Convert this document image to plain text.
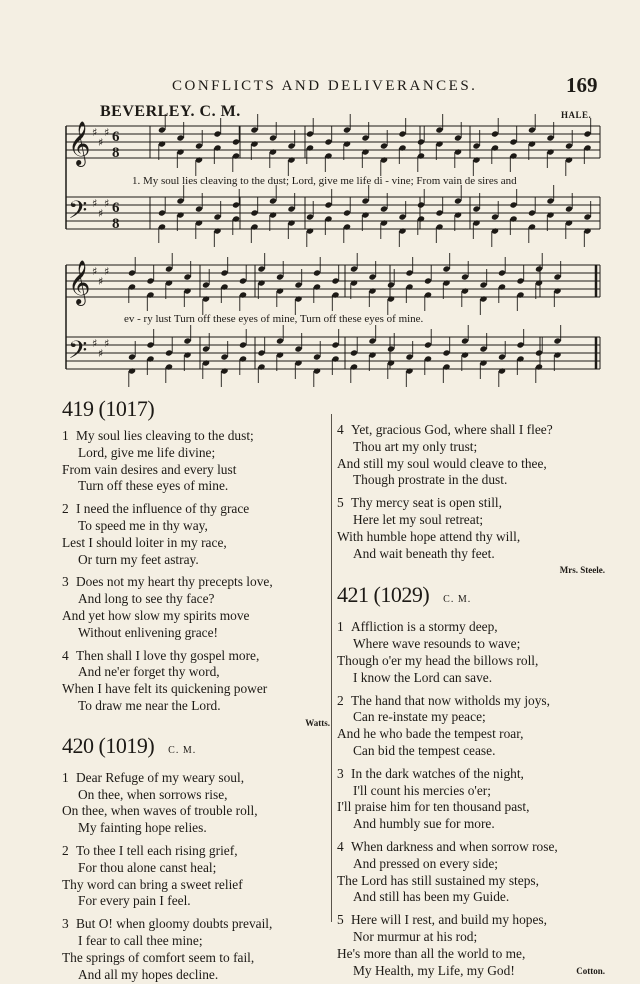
CONFLICTS AND DELIVERANCES.	169
BEVERLEY. C. M.	HALE.
𝄞 ♯
♯
♯ 6
8
𝄢 ♯
♯
♯ 6
8
𝄞 ♯
♯
♯
𝄢 ♯
♯
♯
1. My soul lies cleaving to the dust; Lord, give me life di - vine; From vain de sires and
ev - ry lust Turn off these eyes of mine, Turn off these eyes of mine.
419 (1017)
1 My soul lies cleaving to the dust;
Lord, give me life divine;
From vain desires and every lust
Turn off these eyes of mine.
2 I need the influence of thy grace
To speed me in thy way,
Lest I should loiter in my race,
Or turn my feet astray.
3 Does not my heart thy precepts love,
And long to see thy face?
And yet how slow my spirits move
Without enlivening grace!
4 Then shall I love thy gospel more,
And ne'er forget thy word,
When I have felt its quickening power
To draw me near the Lord.
Watts.
420 (1019) C. M.
1 Dear Refuge of my weary soul,
On thee, when sorrows rise,
On thee, when waves of trouble roll,
My fainting hope relies.
2 To thee I tell each rising grief,
For thou alone canst heal;
Thy word can bring a sweet relief
For every pain I feel.
3 But O! when gloomy doubts prevail,
I fear to call thee mine;
The springs of comfort seem to fail,
And all my hopes decline.
4 Yet, gracious God, where shall I flee?
Thou art my only trust;
And still my soul would cleave to thee,
Though prostrate in the dust.
5 Thy mercy seat is open still,
Here let my soul retreat;
With humble hope attend thy will,
And wait beneath thy feet.
Mrs. Steele.
421 (1029) C. M.
1 Affliction is a stormy deep,
Where wave resounds to wave;
Though o'er my head the billows roll,
I know the Lord can save.
2 The hand that now witholds my joys,
Can re-instate my peace;
And he who bade the tempest roar,
Can bid the tempest cease.
3 In the dark watches of the night,
I'll count his mercies o'er;
I'll praise him for ten thousand past,
And humbly sue for more.
4 When darkness and when sorrow rose,
And pressed on every side;
The Lord has still sustained my steps,
And still has been my Guide.
5 Here will I rest, and build my hopes,
Nor murmur at his rod;
He's more than all the world to me,
My Health, my Life, my God!	Cotton.
